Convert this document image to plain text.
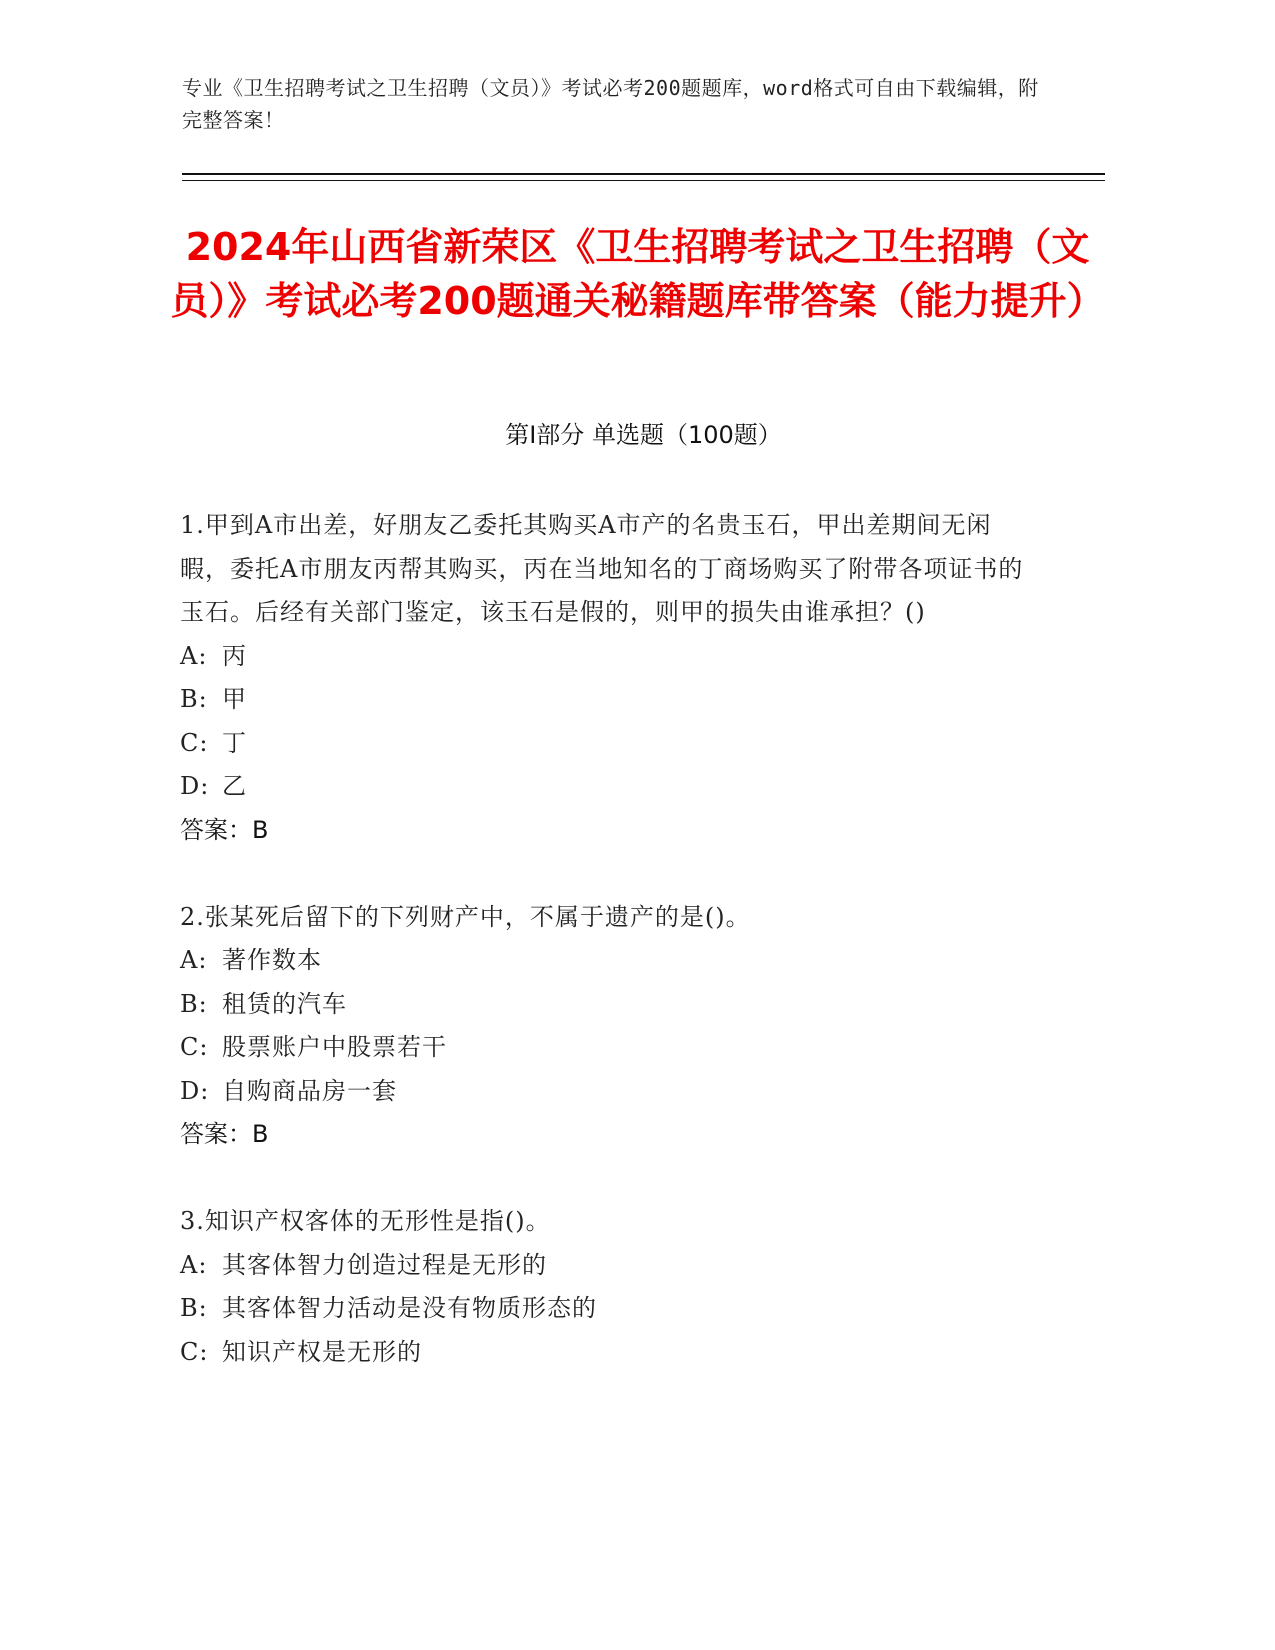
专业《卫生招聘考试之卫生招聘（文员）》考试必考200题题库，word格式可自由下载编辑，附完整答案！
2024年山西省新荣区《卫生招聘考试之卫生招聘（文员）》考试必考200题通关秘籍题库带答案（能力提升）
第I部分 单选题（100题）

1.甲到A市出差，好朋友乙委托其购买A市产的名贵玉石，甲出差期间无闲暇，委托A市朋友丙帮其购买，丙在当地知名的丁商场购买了附带各项证书的玉石。后经有关部门鉴定，该玉石是假的，则甲的损失由谁承担？()

A: 丙

B: 甲

C: 丁

D: 乙

答案：B

2.张某死后留下的下列财产中，不属于遗产的是()。

A: 著作数本

B: 租赁的汽车

C: 股票账户中股票若干

D: 自购商品房一套

答案：B

3.知识产权客体的无形性是指()。

A: 其客体智力创造过程是无形的

B: 其客体智力活动是没有物质形态的

C: 知识产权是无形的
